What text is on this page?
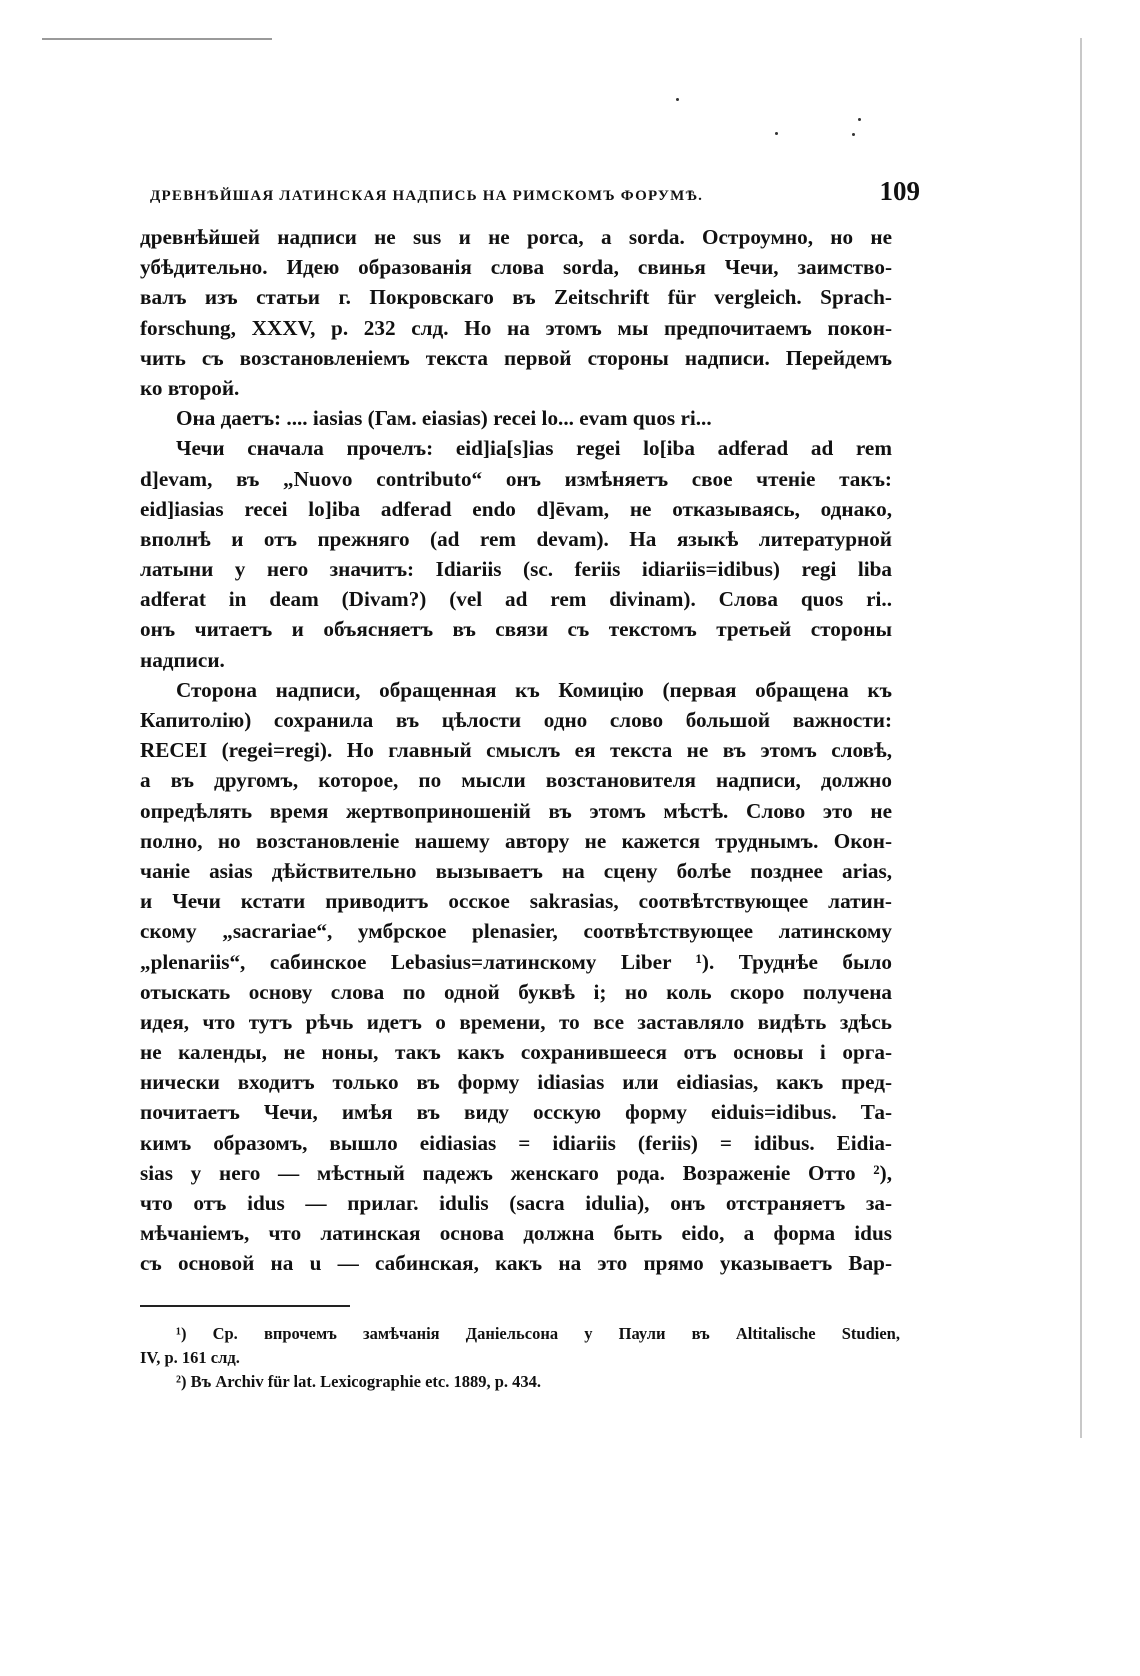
ДРЕВНѢЙШАЯ ЛАТИНСКАЯ НАДПИСЬ НА РИМСКОМЪ ФОРУМѢ.	109
древнѣйшей надписи не sus и не porca, а sorda. Остроумно, но не
убѣдительно. Идею образованія слова sorda, свинья Чечи, заимство-
валъ изъ статьи г. Покровскаго въ Zeitschrift für vergleich. Sprach-
forschung, XXXV, p. 232 слд. Но на этомъ мы предпочитаемъ покон-
чить съ возстановленіемъ текста первой стороны надписи. Перейдемъ
ко второй.
Она даетъ: .... iasias (Гам. eiasias) recei lo... evam quos ri...
Чечи сначала прочелъ: eid]ia[s]ias regei lo[iba adferad ad rem
d]evam, въ „Nuovo contributo“ онъ измѣняетъ свое чтеніе такъ:
eid]iasias recei lo]iba adferad endo d]ēvam, не отказываясь, однако,
вполнѣ и отъ прежняго (ad rem devam). На языкѣ литературной
латыни у него значитъ: Idiariis (sc. feriis idiariis=idibus) regi liba
adferat in deam (Divam?) (vel ad rem divinam). Слова quos ri..
онъ читаетъ и объясняетъ въ связи съ текстомъ третьей стороны
надписи.
Сторона надписи, обращенная къ Комицію (первая обращена къ
Капитолію) сохранила въ цѣлости одно слово большой важности:
RECEI (regei=regi). Но главный смыслъ ея текста не въ этомъ словѣ,
а въ другомъ, которое, по мысли возстановителя надписи, должно
опредѣлять время жертвоприношеній въ этомъ мѣстѣ. Слово это не
полно, но возстановленіе нашему автору не кажется труднымъ. Окон-
чаніе asias дѣйствительно вызываетъ на сцену болѣе позднее arias,
и Чечи кстати приводитъ осское sakrasias, соотвѣтствующее латин-
скому „sacrariae“, умбрское plenasier, соотвѣтствующее латинскому
„plenariis“, сабинское Lebasius=латинскому Liber ¹). Труднѣе было
отыскать основу слова по одной буквѣ i; но коль скоро получена
идея, что тутъ рѣчь идетъ о времени, то все заставляло видѣть здѣсь
не календы, не ноны, такъ какъ сохранившееся отъ основы i орга-
нически входитъ только въ форму idiasias или eidiasias, какъ пред-
почитаетъ Чечи, имѣя въ виду осскую форму eiduis=idibus. Та-
кимъ образомъ, вышло eidiasias = idiariis (feriis) = idibus. Eidia-
sias у него — мѣстный падежъ женскаго рода. Возраженіе Отто ²),
что отъ idus — прилаг. idulis (sacra idulia), онъ отстраняетъ за-
мѣчаніемъ, что латинская основа должна быть eido, а форма idus
съ основой на u — сабинская, какъ на это прямо указываетъ Вар-
¹) Ср. впрочемъ замѣчанія Даніельсона у Паули въ Altitalische Studien,
IV, p. 161 слд.
²) Въ Archiv für lat. Lexicographie etc. 1889, p. 434.
